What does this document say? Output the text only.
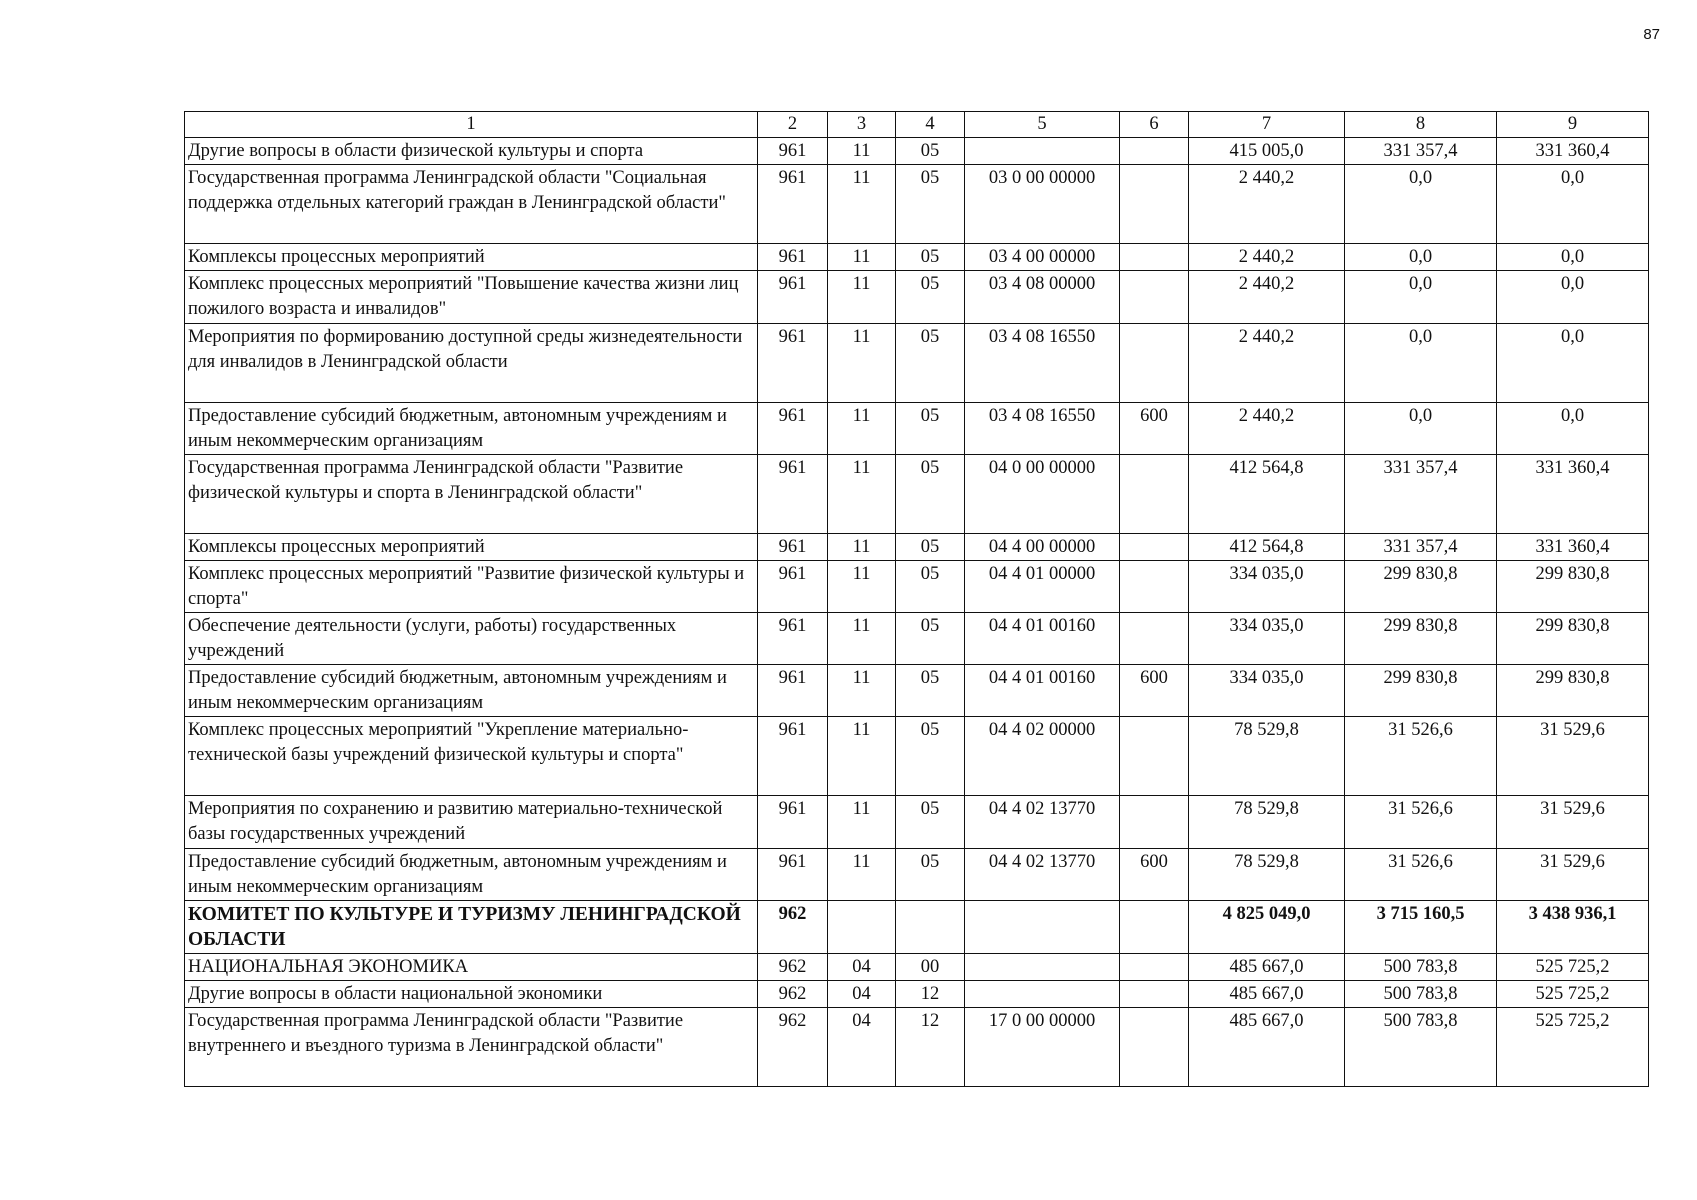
87
1	2	3	4	5	6	7	8	9
Другие вопросы в области физической культуры и спорта	961	11	05			415 005,0	331 357,4	331 360,4
Государственная программа Ленинградской области "Социальная поддержка отдельных категорий граждан в Ленинградской области"	961	11	05	03 0 00 00000		2 440,2	0,0	0,0
Комплексы процессных мероприятий	961	11	05	03 4 00 00000		2 440,2	0,0	0,0
Комплекс процессных мероприятий "Повышение качества жизни лиц пожилого возраста и инвалидов"	961	11	05	03 4 08 00000		2 440,2	0,0	0,0
Мероприятия по формированию доступной среды жизнедеятельности для инвалидов в Ленинградской области	961	11	05	03 4 08 16550		2 440,2	0,0	0,0
Предоставление субсидий бюджетным, автономным учреждениям и иным некоммерческим организациям	961	11	05	03 4 08 16550	600	2 440,2	0,0	0,0
Государственная программа Ленинградской области "Развитие физической культуры и спорта в Ленинградской области"	961	11	05	04 0 00 00000		412 564,8	331 357,4	331 360,4
Комплексы процессных мероприятий	961	11	05	04 4 00 00000		412 564,8	331 357,4	331 360,4
Комплекс процессных мероприятий "Развитие физической культуры и спорта"	961	11	05	04 4 01 00000		334 035,0	299 830,8	299 830,8
Обеспечение деятельности (услуги, работы) государственных учреждений	961	11	05	04 4 01 00160		334 035,0	299 830,8	299 830,8
Предоставление субсидий бюджетным, автономным учреждениям и иным некоммерческим организациям	961	11	05	04 4 01 00160	600	334 035,0	299 830,8	299 830,8
Комплекс процессных мероприятий "Укрепление материально-технической базы учреждений физической культуры и спорта"	961	11	05	04 4 02 00000		78 529,8	31 526,6	31 529,6
Мероприятия по сохранению и развитию материально-технической базы государственных учреждений	961	11	05	04 4 02 13770		78 529,8	31 526,6	31 529,6
Предоставление субсидий бюджетным, автономным учреждениям и иным некоммерческим организациям	961	11	05	04 4 02 13770	600	78 529,8	31 526,6	31 529,6
КОМИТЕТ ПО КУЛЬТУРЕ И ТУРИЗМУ ЛЕНИНГРАДСКОЙ ОБЛАСТИ	962					4 825 049,0	3 715 160,5	3 438 936,1
НАЦИОНАЛЬНАЯ ЭКОНОМИКА	962	04	00			485 667,0	500 783,8	525 725,2
Другие вопросы в области национальной экономики	962	04	12			485 667,0	500 783,8	525 725,2
Государственная программа Ленинградской области "Развитие внутреннего и въездного туризма в Ленинградской области"	962	04	12	17 0 00 00000		485 667,0	500 783,8	525 725,2
